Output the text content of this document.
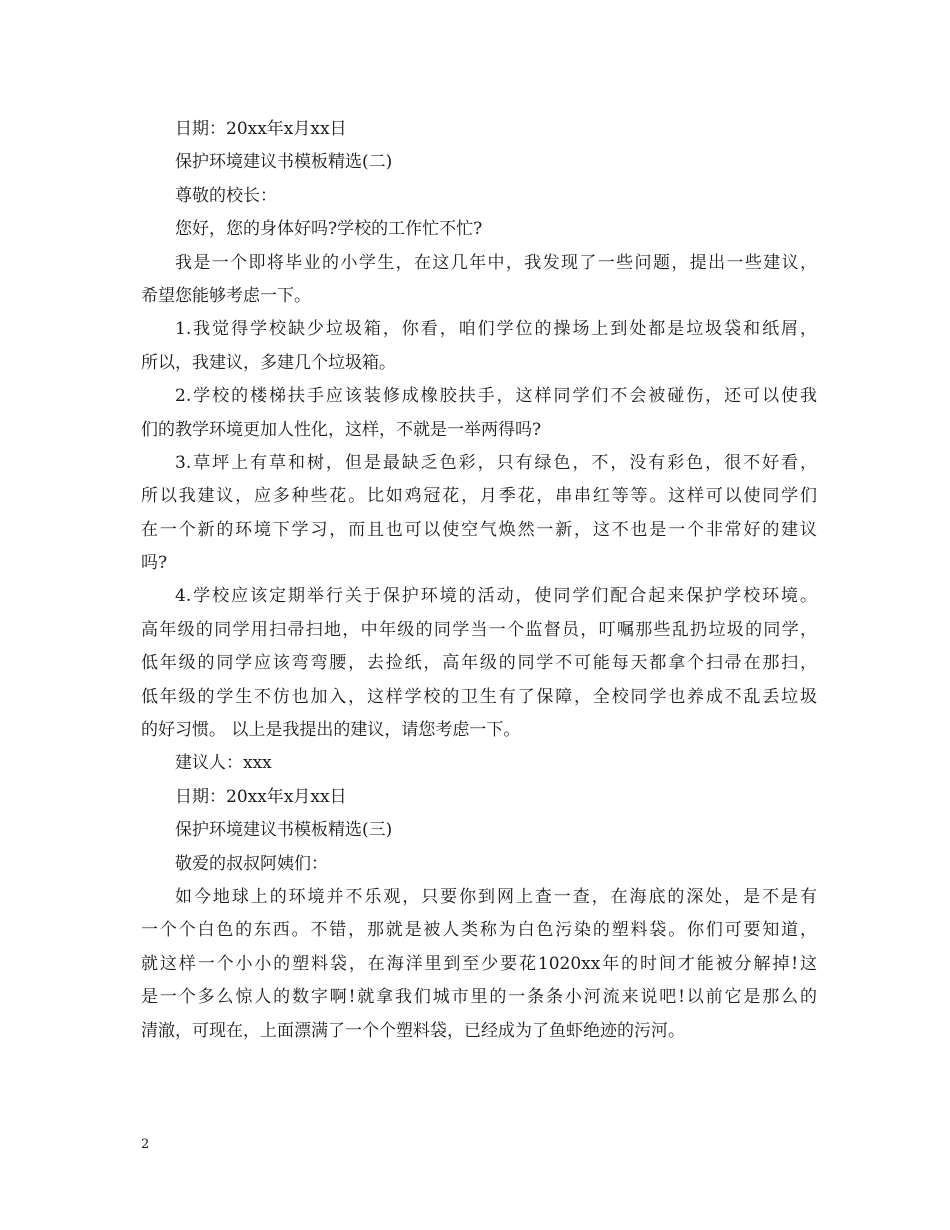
日期：20xx年x月xx日
保护环境建议书模板精选(二)
尊敬的校长：
您好，您的身体好吗?学校的工作忙不忙?
我是一个即将毕业的小学生，在这几年中，我发现了一些问题，提出一些建议，
希望您能够考虑一下。
1.我觉得学校缺少垃圾箱，你看，咱们学位的操场上到处都是垃圾袋和纸屑，
所以，我建议，多建几个垃圾箱。
2.学校的楼梯扶手应该装修成橡胶扶手，这样同学们不会被碰伤，还可以使我
们的教学环境更加人性化，这样，不就是一举两得吗?
3.草坪上有草和树，但是最缺乏色彩，只有绿色，不，没有彩色，很不好看，
所以我建议，应多种些花。比如鸡冠花，月季花，串串红等等。这样可以使同学们
在一个新的环境下学习，而且也可以使空气焕然一新，这不也是一个非常好的建议
吗?
4.学校应该定期举行关于保护环境的活动，使同学们配合起来保护学校环境。
高年级的同学用扫帚扫地，中年级的同学当一个监督员，叮嘱那些乱扔垃圾的同学，
低年级的同学应该弯弯腰，去捡纸，高年级的同学不可能每天都拿个扫帚在那扫，
低年级的学生不仿也加入，这样学校的卫生有了保障，全校同学也养成不乱丢垃圾
的好习惯。 以上是我提出的建议，请您考虑一下。
建议人：xxx
日期：20xx年x月xx日
保护环境建议书模板精选(三)
敬爱的叔叔阿姨们：
如今地球上的环境并不乐观，只要你到网上查一查，在海底的深处，是不是有
一个个白色的东西。不错，那就是被人类称为白色污染的塑料袋。你们可要知道，
就这样一个小小的塑料袋，在海洋里到至少要花1020xx年的时间才能被分解掉!这
是一个多么惊人的数字啊!就拿我们城市里的一条条小河流来说吧!以前它是那么的
清澈，可现在，上面漂满了一个个塑料袋，已经成为了鱼虾绝迹的污河。
2
